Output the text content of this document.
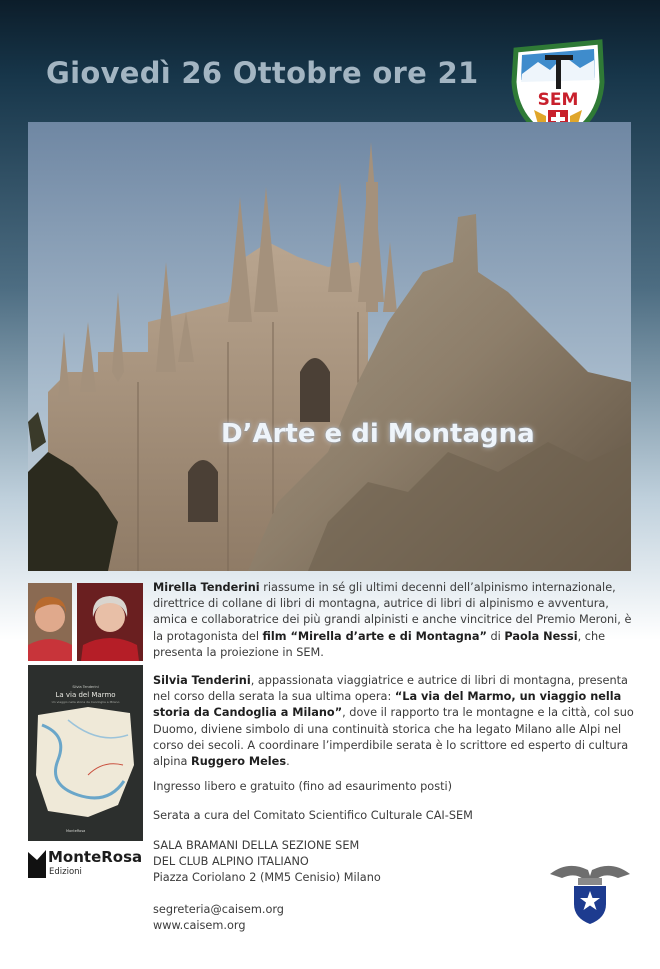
Giovedì 26 Ottobre ore 21
SEM
D’Arte e di Montagna
Silvia Tenderini
La via del Marmo
Un viaggio nella storia da Candoglia a Milano
MonteRosa
MonteRosa
Edizioni

Mirella Tenderini riassume in sé gli ultimi decenni dell’alpinismo internazionale, direttrice di collane di libri di montagna, autrice di libri di alpinismo e avventura, amica e collaboratrice dei più grandi alpinisti e anche vincitrice del Premio Meroni, è la protagonista del film “Mirella d’arte e di Montagna” di Paola Nessi, che presenta la proiezione in SEM.

Silvia Tenderini, appassionata viaggiatrice e autrice di libri di montagna, presenta nel corso della serata la sua ultima opera: “La via del Marmo, un viaggio nella storia da Candoglia a Milano”, dove il rapporto tra le montagne e la città, col suo Duomo, diviene simbolo di una continuità storica che ha legato Milano alle Alpi nel corso dei secoli. A coordinare l’imperdibile serata è lo scrittore ed esperto di cultura alpina Ruggero Meles.

Ingresso libero e gratuito (fino ad esaurimento posti)

Serata a cura del Comitato Scientifico Culturale CAI-SEM

SALA BRAMANI DELLA SEZIONE SEM
DEL CLUB ALPINO ITALIANO
Piazza Coriolano 2 (MM5 Cenisio) Milano
segreteria@caisem.org
www.caisem.org
